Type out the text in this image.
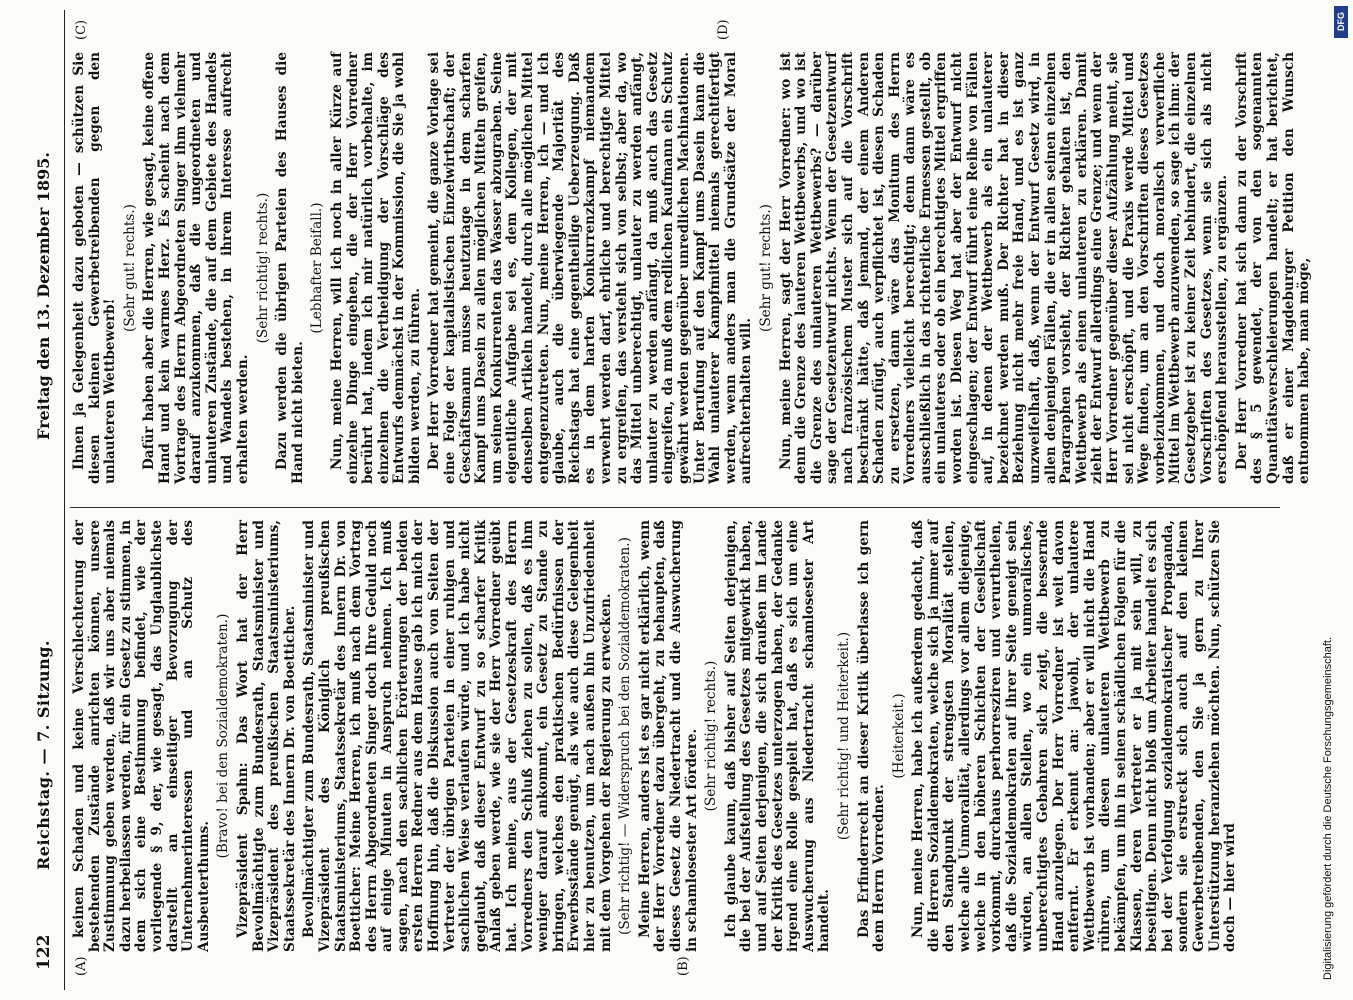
122
Reichstag. — 7. Sitzung.
Freitag den 13. Dezember 1895.
(A)	(B)
(C)	(D)

keinen Schaden und keine Verschlechterung der bestehenden Zustände anrichten können, unsere Zustimmung geben werden, daß wir uns aber niemals dazu herbeilassen werden, für ein Gesetz zu stimmen, in dem sich eine Bestimmung befindet, wie der vorliegende § 9, der, wie gesagt, das Unglaublichste darstellt an einseitiger Bevorzugung der Unternehmerinteressen und an Schutz des Ausbeuterthums.

(Bravo! bei den Sozialdemokraten.) Vizepräsident Spahn: Das Wort hat der Herr Bevollmächtigte zum Bundesrath, Staatsminister und Vizepräsident des preußischen Staatsministeriums, Staatssekretär des Innern Dr. von Boetticher. Bevollmächtigter zum Bundesrath, Staatsminister und Vizepräsident des Königlich preußischen Staatsministeriums, Staatssekretär des Innern Dr. von Boetticher: Meine Herren, ich muß nach dem Vortrag des Herrn Abgeordneten Singer doch Ihre Geduld noch auf einige Minuten in Anspruch nehmen. Ich muß sagen, nach den sachlichen Erörterungen der beiden ersten Herren Redner aus dem Hause gab ich mich der Hoffnung hin, daß die Diskussion auch von Seiten der Vertreter der übrigen Parteien in einer ruhigen und sachlichen Weise verlaufen würde, und ich habe nicht geglaubt, daß dieser Entwurf zu so scharfer Kritik Anlaß geben werde, wie sie der Herr Vorredner geübt hat. Ich meine, aus der Gesetzeskraft des Herrn Vorredners den Schluß ziehen zu sollen, daß es ihm weniger darauf ankommt, ein Gesetz zu Stande zu bringen, welches den praktischen Bedürfnissen der Erwerbsstände genügt, als wie auch diese Gelegenheit hier zu benutzen, um nach außen hin Unzufriedenheit mit dem Vorgehen der Regierung zu erwecken. (Sehr richtig! — Widerspruch bei den Sozialdemokraten.) Meine Herren, anders ist es gar nicht erklärlich, wenn der Herr Vorredner dazu übergeht, zu behaupten, daß dieses Gesetz die Niedertracht und die Auswucherung in schamlosester Art fördere. (Sehr richtig! rechts.) Ich glaube kaum, daß bisher auf Seiten derjenigen, die bei der Aufstellung des Gesetzes mitgewirkt haben, und auf Seiten derjenigen, die sich draußen im Lande der Kritik des Gesetzes unterzogen haben, der Gedanke irgend eine Rolle gespielt hat, daß es sich um eine Auswucherung aus Niedertracht schamlosester Art handelt.

(Sehr richtig! und Heiterkeit.) Das Erfinderrecht an dieser Kritik überlasse ich gern dem Herrn Vorredner.

(Heiterkeit.) Nun, meine Herren, habe ich außerdem gedacht, daß die Herren Sozialdemokraten, welche sich ja immer auf den Standpunkt der strengsten Moralität stellen, welche alle Unmoralität, allerdings vor allem diejenige, welche in den höheren Schichten der Gesellschaft vorkommt, durchaus perhorresziren und verurtheilen, daß die Sozialdemokraten auf ihrer Seite geneigt sein würden, an allen Stellen, wo ein unmoralisches, unberechtigtes Gebahren sich zeigt, die bessernde Hand anzulegen. Der Herr Vorredner ist weit davon entfernt. Er erkennt an: jawohl, der unlautere Wettbewerb ist vorhanden; aber er will nicht die Hand rühren, um diesen unlauteren Wettbewerb zu bekämpfen, um ihn in seinen schädlichen Folgen für die Klassen, deren Vertreter er ja mit sein will, zu beseitigen. Denn nicht bloß um Arbeiter handelt es sich bei der Verfolgung sozialdemokratischer Propaganda, sondern sie erstreckt sich auch auf den kleinen Gewerbetreibenden, den Sie ja gern zu Ihrer Unterstützung heranziehen möchten. Nun, schützen Sie doch — hier wird

Ihnen ja Gelegenheit dazu geboten — schützen Sie diesen kleinen Gewerbetreibenden gegen den unlauteren Wettbewerb!

(Sehr gut! rechts.) Dafür haben aber die Herren, wie gesagt, keine offene Hand und kein warmes Herz. Es scheint nach dem Vortrage des Herrn Abgeordneten Singer ihm vielmehr darauf anzukommen, daß die ungeordneten und unlauteren Zustände, die auf dem Gebiete des Handels und Wandels bestehen, in ihrem Interesse aufrecht erhalten werden.

(Sehr richtig! rechts.) Dazu werden die übrigen Parteien des Hauses die Hand nicht bieten.

(Lebhafter Beifall.) Nun, meine Herren, will ich noch in aller Kürze auf einzelne Dinge eingehen, die der Herr Vorredner berührt hat, indem ich mir natürlich vorbehalte, im einzelnen die Vertheidigung der Vorschläge des Entwurfs demnächst in der Kommission, die Sie ja wohl bilden werden, zu führen. Der Herr Vorredner hat gemeint, die ganze Vorlage sei eine Folge der kapitalistischen Einzelwirthschaft; der Geschäftsmann müsse heutzutage in dem scharfen Kampf ums Dasein zu allen möglichen Mitteln greifen, um seinen Konkurrenten das Wasser abzugraben. Seine eigentliche Aufgabe sei es, dem Kollegen, der mit denselben Artikeln handelt, durch alle möglichen Mittel entgegenzutreten. Nun, meine Herren, ich — und ich glaube, auch die überwiegende Majorität des Reichstags hat eine gegentheilige Ueberzeugung. Daß es in dem harten Konkurrenzkampf niemandem verwehrt werden darf, ehrliche und berechtigte Mittel zu ergreifen, das versteht sich von selbst; aber da, wo das Mittel unberechtigt, unlauter zu werden anfängt, unlauter zu werden anfängt, da muß auch das Gesetz eingreifen, da muß dem redlichen Kaufmann ein Schutz gewährt werden gegenüber unredlichen Machinationen. Unter Berufung auf den Kampf ums Dasein kann die Wahl unlauterer Kampfmittel niemals gerechtfertigt werden, wenn anders man die Grundsätze der Moral aufrechterhalten will.

(Sehr gut! rechts.) Nun, meine Herren, sagt der Herr Vorredner: wo ist denn die Grenze des lauteren Wettbewerbs, und wo ist die Grenze des unlauteren Wettbewerbs? — darüber sage der Gesetzentwurf nichts. Wenn der Gesetzentwurf nach französischem Muster sich auf die Vorschrift beschränkt hätte, daß jemand, der einem Anderen Schaden zufügt, auch verpflichtet ist, diesen Schaden zu ersetzen, dann wäre das Monitum des Herrn Vorredners vielleicht berechtigt; denn dann wäre es ausschließlich in das richterliche Ermessen gestellt, ob ein unlauteres oder ob ein berechtigtes Mittel ergriffen worden ist. Diesen Weg hat aber der Entwurf nicht eingeschlagen; der Entwurf führt eine Reihe von Fällen auf, in denen der Wettbewerb als ein unlauterer bezeichnet werden muß. Der Richter hat in dieser Beziehung nicht mehr freie Hand, und es ist ganz unzweifelhaft, daß, wenn der Entwurf Gesetz wird, in allen denjenigen Fällen, die er in allen seinen einzelnen Paragraphen vorsieht, der Richter gehalten ist, den Wettbewerb als einen unlauteren zu erklären. Damit zieht der Entwurf allerdings eine Grenze; und wenn der Herr Vorredner gegenüber dieser Aufzählung meint, sie sei nicht erschöpft, und die Praxis werde Mittel und Wege finden, um an den Vorschriften dieses Gesetzes vorbeizukommen, und doch moralisch verwerfliche Mittel im Wettbewerb anzuwenden, so sage ich ihm: der Gesetzgeber ist zu keiner Zeit behindert, die einzelnen Vorschriften des Gesetzes, wenn sie sich als nicht erschöpfend herausstellen, zu ergänzen. Der Herr Vorredner hat sich dann zu der Vorschrift des § 5 gewendet, der von den sogenannten Quantitätsverschleierungen handelt; er hat berichtet, daß er einer Magdeburger Petition den Wunsch entnommen habe, man möge,

DFG
Digitalisierung gefördert durch die Deutsche Forschungsgemeinschaft.
